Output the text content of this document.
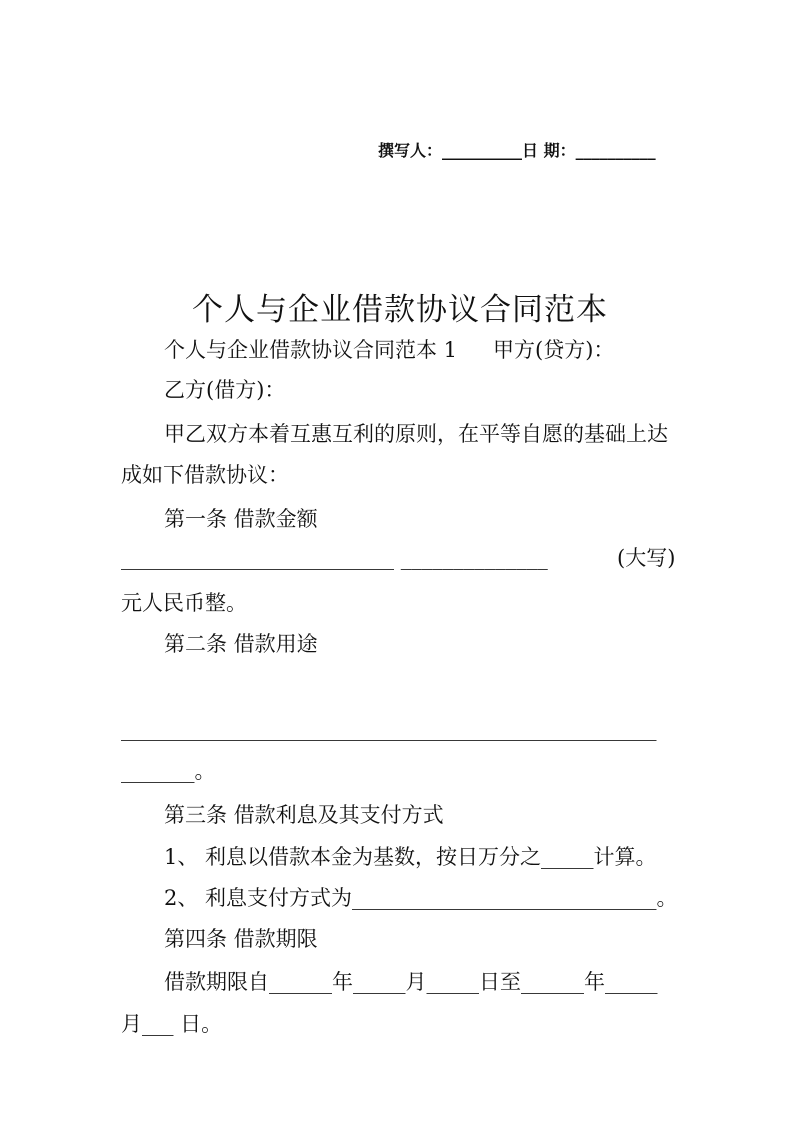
撰写人：__________日 期：__________
个人与企业借款协议合同范本
个人与企业借款协议合同范本 1 甲方(贷方)：
乙方(借方)：
甲乙双方本着互惠互利的原则，在平等自愿的基础上达
成如下借款协议：
第一条 借款金额
__________________________ ______________	(大写)
元人民币整。
第二条 借款用途
___________________________________________________
_______。
第三条 借款利息及其支付方式
1、 利息以借款本金为基数，按日万分之_____计算。
2、 利息支付方式为_____________________________。
第四条 借款期限
借款期限自______年_____月_____日至______年_____
月___ 日。
